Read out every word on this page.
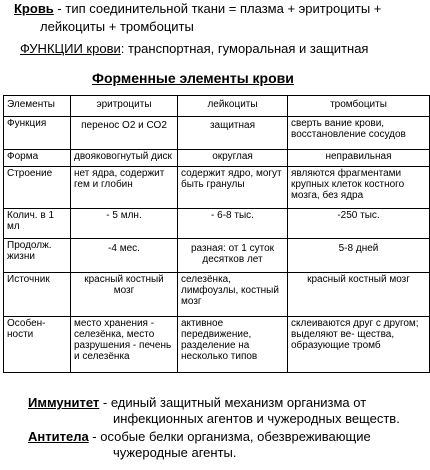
Кровь - тип соединительной ткани = плазма + эритроциты +
лейкоциты + тромбоциты
ФУНКЦИИ крови: транспортная, гуморальная и защитная
Форменные элементы крови
Элементы	эритроциты	лейкоциты	тромбоциты
Функция	перенос О2 и СО2	защитная	сверть вание крови, восстановление сосудов
Форма	двояковогнутый диск	округлая	неправильная
Строение	нет ядра, содержит гем и глобин	содержит ядро, могут быть гранулы	являются фрагментами крупных клеток костного мозга, без ядра
Колич. в 1 мл	- 5 млн.	- 6-8 тыс.	-250 тыс.
Продолж. жизни	-4 мес.	разная: от 1 суток десятков лет	5-8 дней
Источник	красный костный мозг	селезёнка, лимфоузлы, костный мозг	красный костный мозг
Особен- ности	место хранения - селезёнка, место разрушения - печень и селезёнка	активное передвижение, разделение на несколько типов	склеиваются друг с другом; выделяют ве- щества, образующие тромб
Иммунитет - единый защитный механизм организма от
инфекционных агентов и чужеродных веществ.
Антитела - особые белки организма, обезвреживающие
чужеродные агенты.
